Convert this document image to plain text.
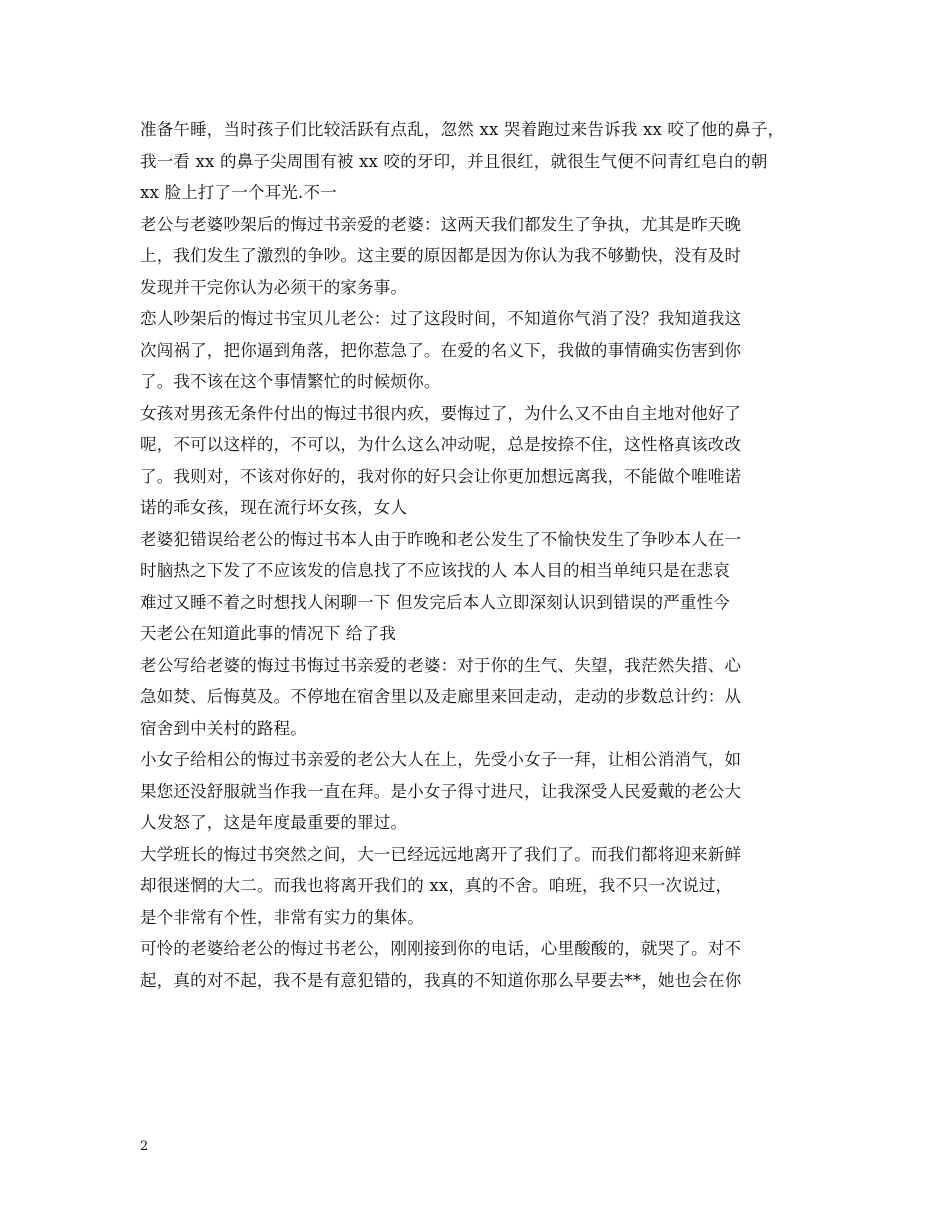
准备午睡，当时孩子们比较活跃有点乱，忽然 xx 哭着跑过来告诉我 xx 咬了他的鼻子，
我一看 xx 的鼻子尖周围有被 xx 咬的牙印，并且很红，就很生气便不问青红皂白的朝
xx 脸上打了一个耳光.不一
老公与老婆吵架后的悔过书亲爱的老婆：这两天我们都发生了争执，尤其是昨天晚
上，我们发生了激烈的争吵。这主要的原因都是因为你认为我不够勤快，没有及时
发现并干完你认为必须干的家务事。
恋人吵架后的悔过书宝贝儿老公：过了这段时间，不知道你气消了没？我知道我这
次闯祸了，把你逼到角落，把你惹急了。在爱的名义下，我做的事情确实伤害到你
了。我不该在这个事情繁忙的时候烦你。
女孩对男孩无条件付出的悔过书很内疚，要悔过了，为什么又不由自主地对他好了
呢，不可以这样的，不可以，为什么这么冲动呢，总是按捺不住，这性格真该改改
了。我则对，不该对你好的，我对你的好只会让你更加想远离我，不能做个唯唯诺
诺的乖女孩，现在流行坏女孩，女人
老婆犯错误给老公的悔过书本人由于昨晚和老公发生了不愉快发生了争吵本人在一
时脑热之下发了不应该发的信息找了不应该找的人 本人目的相当单纯只是在悲哀
难过又睡不着之时想找人闲聊一下 但发完后本人立即深刻认识到错误的严重性今
天老公在知道此事的情况下 给了我
老公写给老婆的悔过书悔过书亲爱的老婆：对于你的生气、失望，我茫然失措、心
急如焚、后悔莫及。不停地在宿舍里以及走廊里来回走动，走动的步数总计约：从
宿舍到中关村的路程。
小女子给相公的悔过书亲爱的老公大人在上，先受小女子一拜，让相公消消气，如
果您还没舒服就当作我一直在拜。是小女子得寸进尺，让我深受人民爱戴的老公大
人发怒了，这是年度最重要的罪过。
大学班长的悔过书突然之间，大一已经远远地离开了我们了。而我们都将迎来新鲜
却很迷惘的大二。而我也将离开我们的 xx，真的不舍。咱班，我不只一次说过，
是个非常有个性，非常有实力的集体。
可怜的老婆给老公的悔过书老公，刚刚接到你的电话，心里酸酸的，就哭了。对不
起，真的对不起，我不是有意犯错的，我真的不知道你那么早要去**，她也会在你
2
